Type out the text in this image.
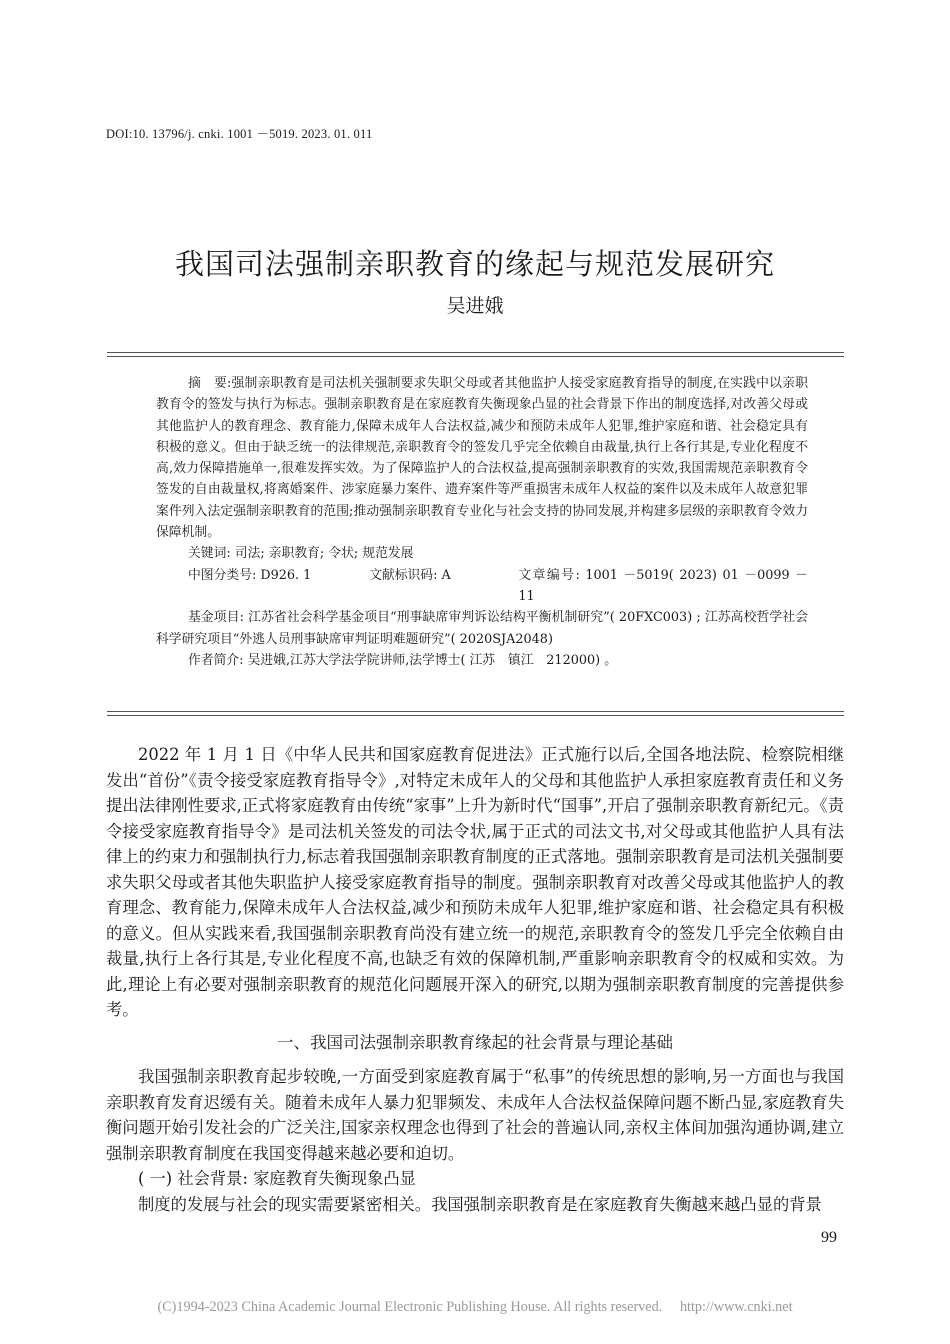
DOI:10. 13796/j. cnki. 1001 －5019. 2023. 01. 011
我国司法强制亲职教育的缘起与规范发展研究
吴进娥

摘　要:强制亲职教育是司法机关强制要求失职父母或者其他监护人接受家庭教育指导的制度,在实践中以亲职教育令的签发与执行为标志。强制亲职教育是在家庭教育失衡现象凸显的社会背景下作出的制度选择,对改善父母或其他监护人的教育理念、教育能力,保障未成年人合法权益,减少和预防未成年人犯罪,维护家庭和谐、社会稳定具有积极的意义。但由于缺乏统一的法律规范,亲职教育令的签发几乎完全依赖自由裁量,执行上各行其是,专业化程度不高,效力保障措施单一,很难发挥实效。为了保障监护人的合法权益,提高强制亲职教育的实效,我国需规范亲职教育令签发的自由裁量权,将离婚案件、涉家庭暴力案件、遗弃案件等严重损害未成年人权益的案件以及未成年人故意犯罪案件列入法定强制亲职教育的范围;推动强制亲职教育专业化与社会支持的协同发展,并构建多层级的亲职教育令效力保障机制。

关键词: 司法; 亲职教育; 令状; 规范发展

中图分类号: D926. 1	文献标识码: A	文章编号: 1001 －5019( 2023) 01 －0099 －11

基金项目: 江苏省社会科学基金项目“刑事缺席审判诉讼结构平衡机制研究”( 20FXC003) ; 江苏高校哲学社会科学研究项目“外逃人员刑事缺席审判证明难题研究”( 2020SJA2048)

作者简介: 吴进娥,江苏大学法学院讲师,法学博士( 江苏　镇江　212000) 。

2022 年 1 月 1 日《中华人民共和国家庭教育促进法》正式施行以后,全国各地法院、检察院相继发出“首份”《责令接受家庭教育指导令》,对特定未成年人的父母和其他监护人承担家庭教育责任和义务提出法律刚性要求,正式将家庭教育由传统“家事”上升为新时代“国事”,开启了强制亲职教育新纪元。《责令接受家庭教育指导令》是司法机关签发的司法令状,属于正式的司法文书,对父母或其他监护人具有法律上的约束力和强制执行力,标志着我国强制亲职教育制度的正式落地。强制亲职教育是司法机关强制要求失职父母或者其他失职监护人接受家庭教育指导的制度。强制亲职教育对改善父母或其他监护人的教育理念、教育能力,保障未成年人合法权益,减少和预防未成年人犯罪,维护家庭和谐、社会稳定具有积极的意义。但从实践来看,我国强制亲职教育尚没有建立统一的规范,亲职教育令的签发几乎完全依赖自由裁量,执行上各行其是,专业化程度不高,也缺乏有效的保障机制,严重影响亲职教育令的权威和实效。为此,理论上有必要对强制亲职教育的规范化问题展开深入的研究,以期为强制亲职教育制度的完善提供参考。

一、我国司法强制亲职教育缘起的社会背景与理论基础

我国强制亲职教育起步较晚,一方面受到家庭教育属于“私事”的传统思想的影响,另一方面也与我国亲职教育发育迟缓有关。随着未成年人暴力犯罪频发、未成年人合法权益保障问题不断凸显,家庭教育失衡问题开始引发社会的广泛关注,国家亲权理念也得到了社会的普遍认同,亲权主体间加强沟通协调,建立强制亲职教育制度在我国变得越来越必要和迫切。

( 一) 社会背景: 家庭教育失衡现象凸显

制度的发展与社会的现实需要紧密相关。我国强制亲职教育是在家庭教育失衡越来越凸显的背景

99
(C)1994-2023 China Academic Journal Electronic Publishing House. All rights reserved.　 http://www.cnki.net
